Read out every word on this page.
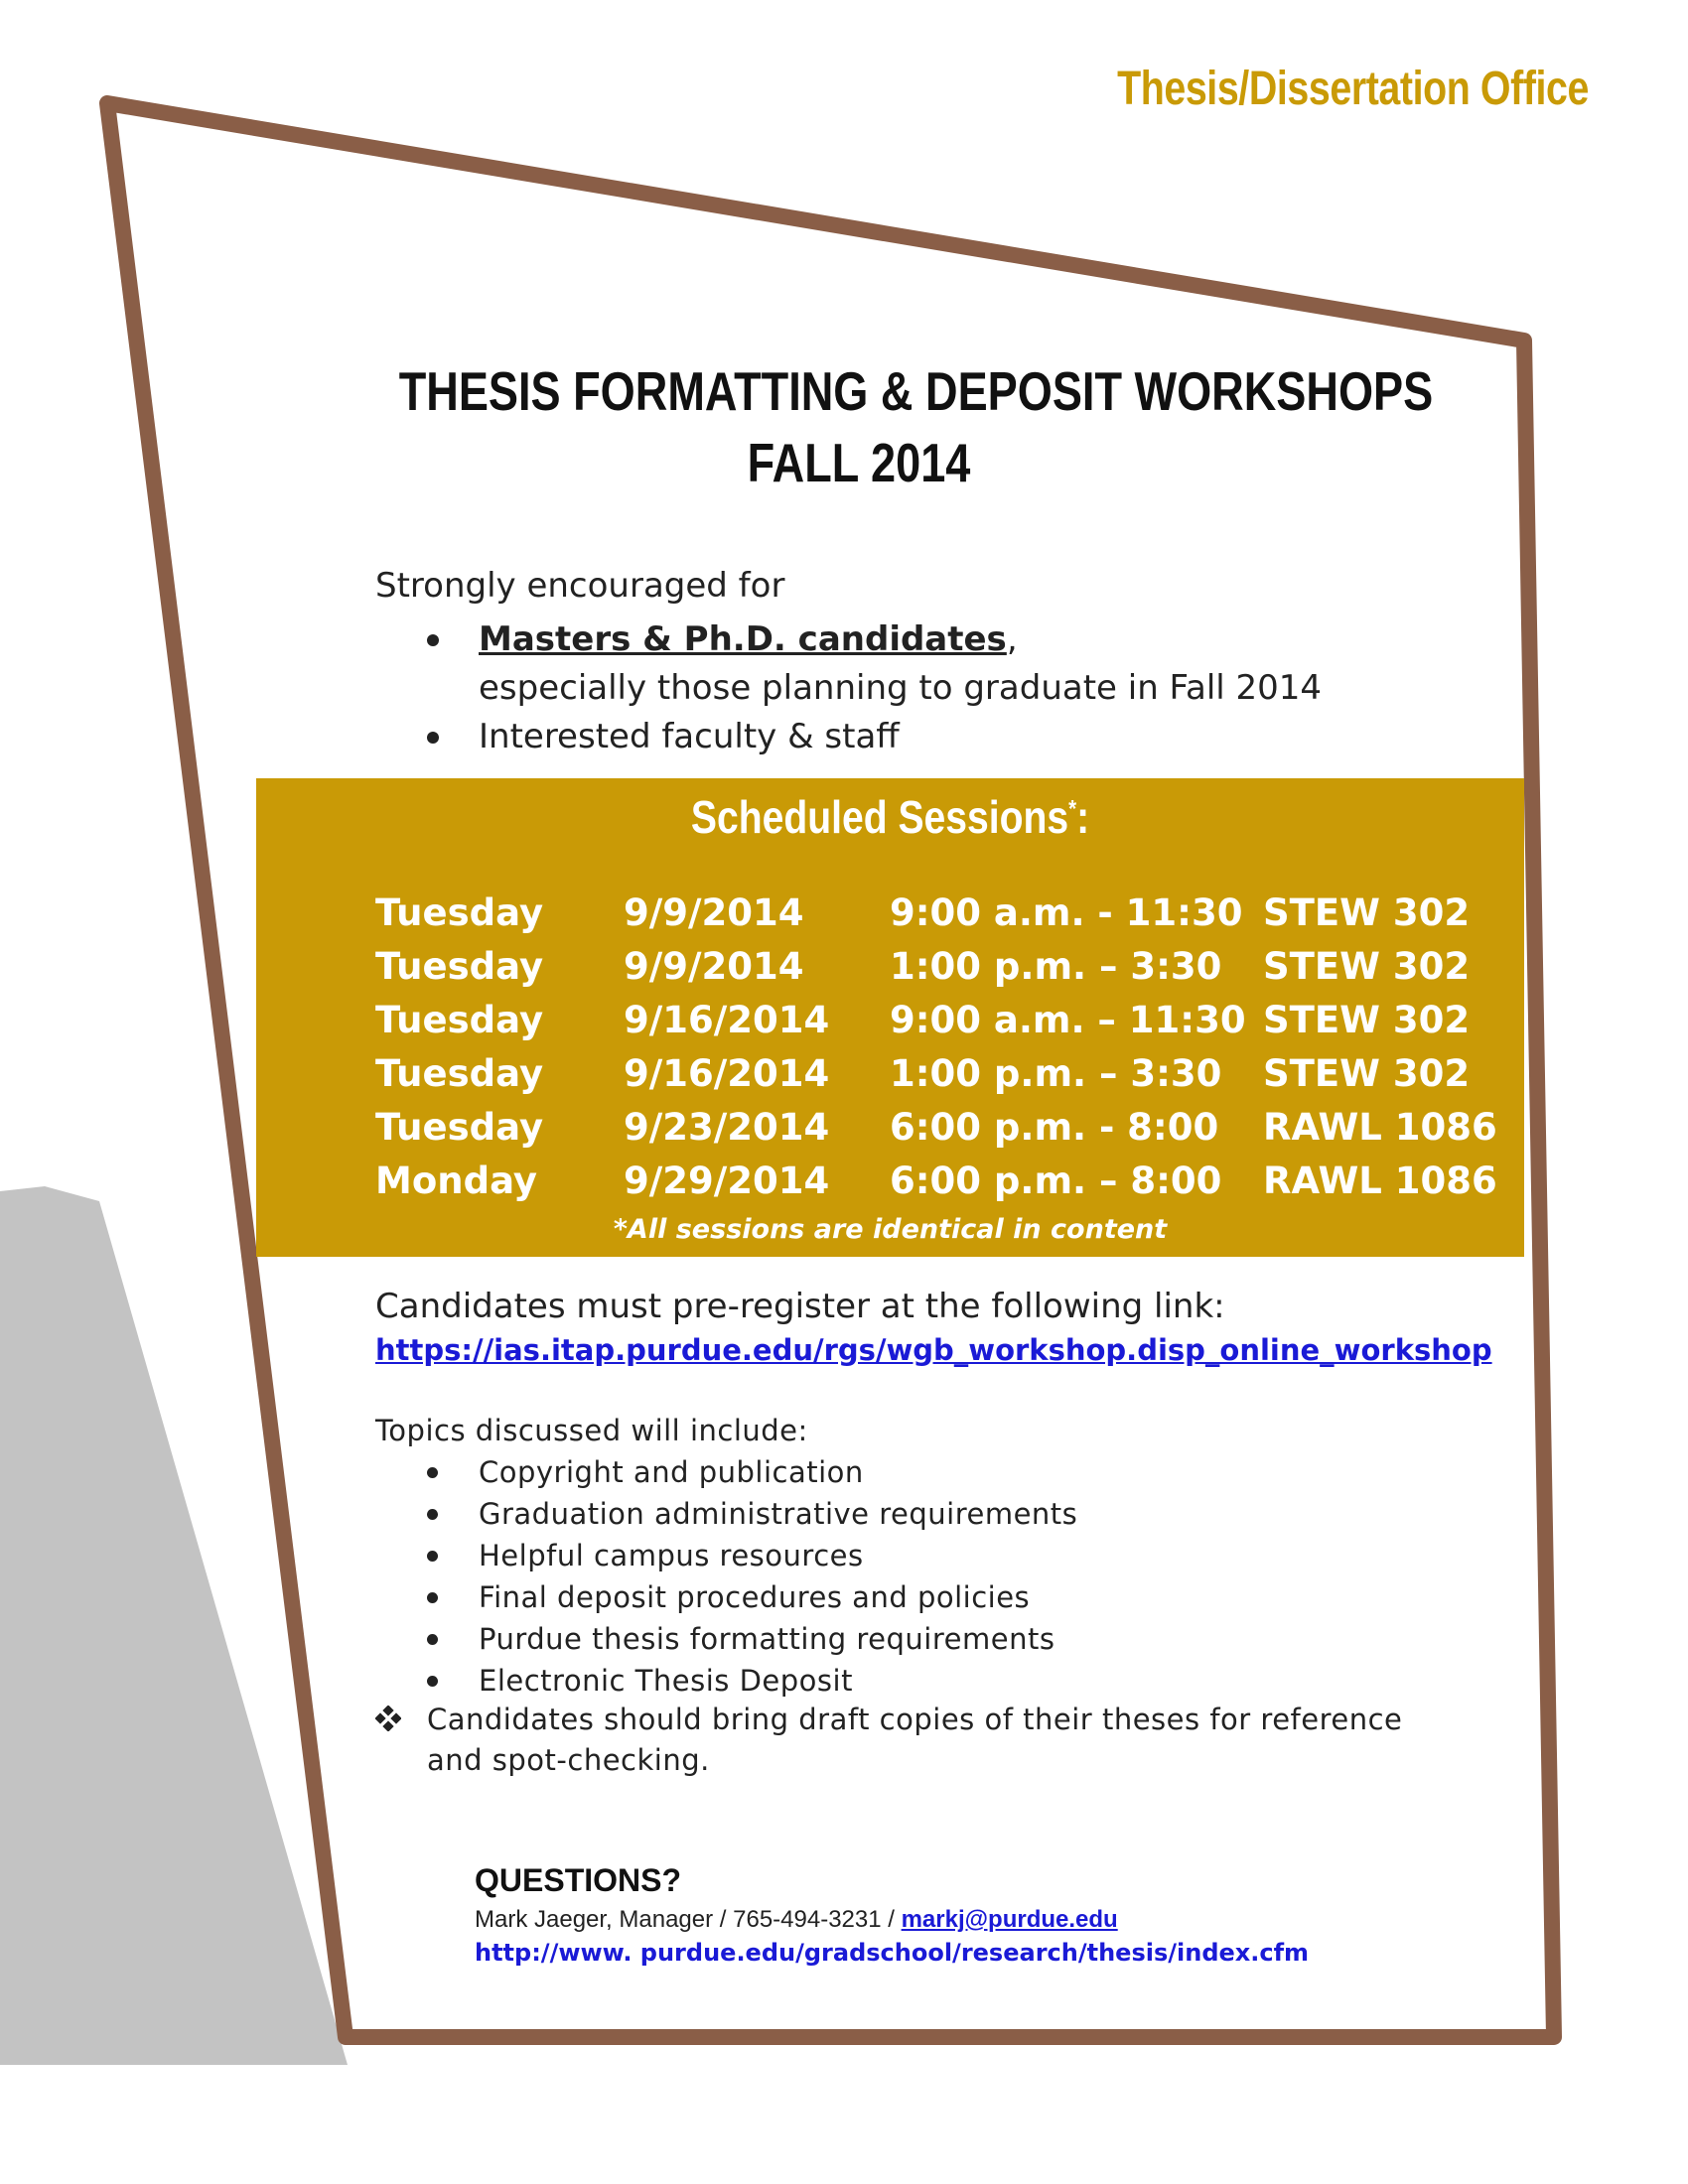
Thesis/Dissertation Office
THESIS FORMATTING & DEPOSIT WORKSHOPS
FALL 2014
Strongly encouraged for
Masters & Ph.D. candidates,
especially those planning to graduate in Fall 2014
Interested faculty & staff
Scheduled Sessions*:
Tuesday 9/9/2014 9:00 a.m. - 11:30 STEW 302
Tuesday 9/9/2014 1:00 p.m. – 3:30 STEW 302
Tuesday 9/16/2014 9:00 a.m. – 11:30 STEW 302
Tuesday 9/16/2014 1:00 p.m. – 3:30 STEW 302
Tuesday 9/23/2014 6:00 p.m. - 8:00 RAWL 1086
Monday 9/29/2014 6:00 p.m. – 8:00 RAWL 1086
*All sessions are identical in content
Candidates must pre-register at the following link:
https://ias.itap.purdue.edu/rgs/wgb_workshop.disp_online_workshop
Topics discussed will include:
Copyright and publication
Graduation administrative requirements
Helpful campus resources
Final deposit procedures and policies
Purdue thesis formatting requirements
Electronic Thesis Deposit
Candidates should bring draft copies of their theses for reference and spot-checking.
QUESTIONS?
Mark Jaeger, Manager / 765-494-3231 / markj@purdue.edu
http://www. purdue.edu/gradschool/research/thesis/index.cfm
